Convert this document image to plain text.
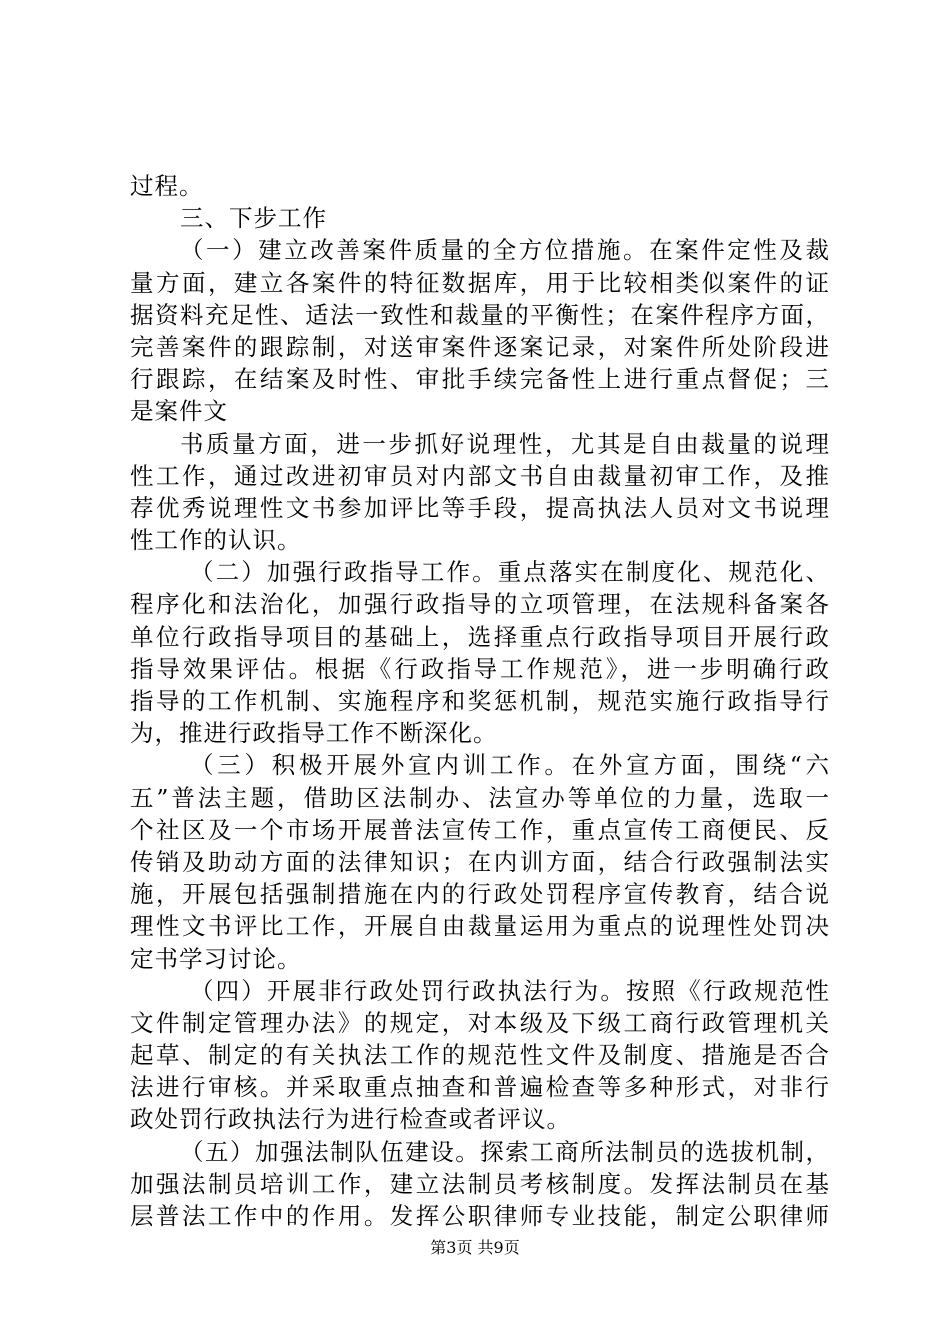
过程。
三、下步工作
（一）建立改善案件质量的全方位措施。在案件定性及裁
量方面，建立各案件的特征数据库，用于比较相类似案件的证
据资料充足性、适法一致性和裁量的平衡性；在案件程序方面，
完善案件的跟踪制，对送审案件逐案记录，对案件所处阶段进
行跟踪，在结案及时性、审批手续完备性上进行重点督促；三
是案件文
书质量方面，进一步抓好说理性，尤其是自由裁量的说理
性工作，通过改进初审员对内部文书自由裁量初审工作，及推
荐优秀说理性文书参加评比等手段，提高执法人员对文书说理
性工作的认识。
（二）加强行政指导工作。重点落实在制度化、规范化、
程序化和法治化，加强行政指导的立项管理，在法规科备案各
单位行政指导项目的基础上，选择重点行政指导项目开展行政
指导效果评估。根据《行政指导工作规范》，进一步明确行政
指导的工作机制、实施程序和奖惩机制，规范实施行政指导行
为，推进行政指导工作不断深化。
（三）积极开展外宣内训工作。在外宣方面，围绕“六
五”普法主题，借助区法制办、法宣办等单位的力量，选取一
个社区及一个市场开展普法宣传工作，重点宣传工商便民、反
传销及助动方面的法律知识；在内训方面，结合行政强制法实
施，开展包括强制措施在内的行政处罚程序宣传教育，结合说
理性文书评比工作，开展自由裁量运用为重点的说理性处罚决
定书学习讨论。
（四）开展非行政处罚行政执法行为。按照《行政规范性
文件制定管理办法》的规定，对本级及下级工商行政管理机关
起草、制定的有关执法工作的规范性文件及制度、措施是否合
法进行审核。并采取重点抽查和普遍检查等多种形式，对非行
政处罚行政执法行为进行检查或者评议。
（五）加强法制队伍建设。探索工商所法制员的选拔机制，
加强法制员培训工作，建立法制员考核制度。发挥法制员在基
层普法工作中的作用。发挥公职律师专业技能，制定公职律师
第3页 共9页
